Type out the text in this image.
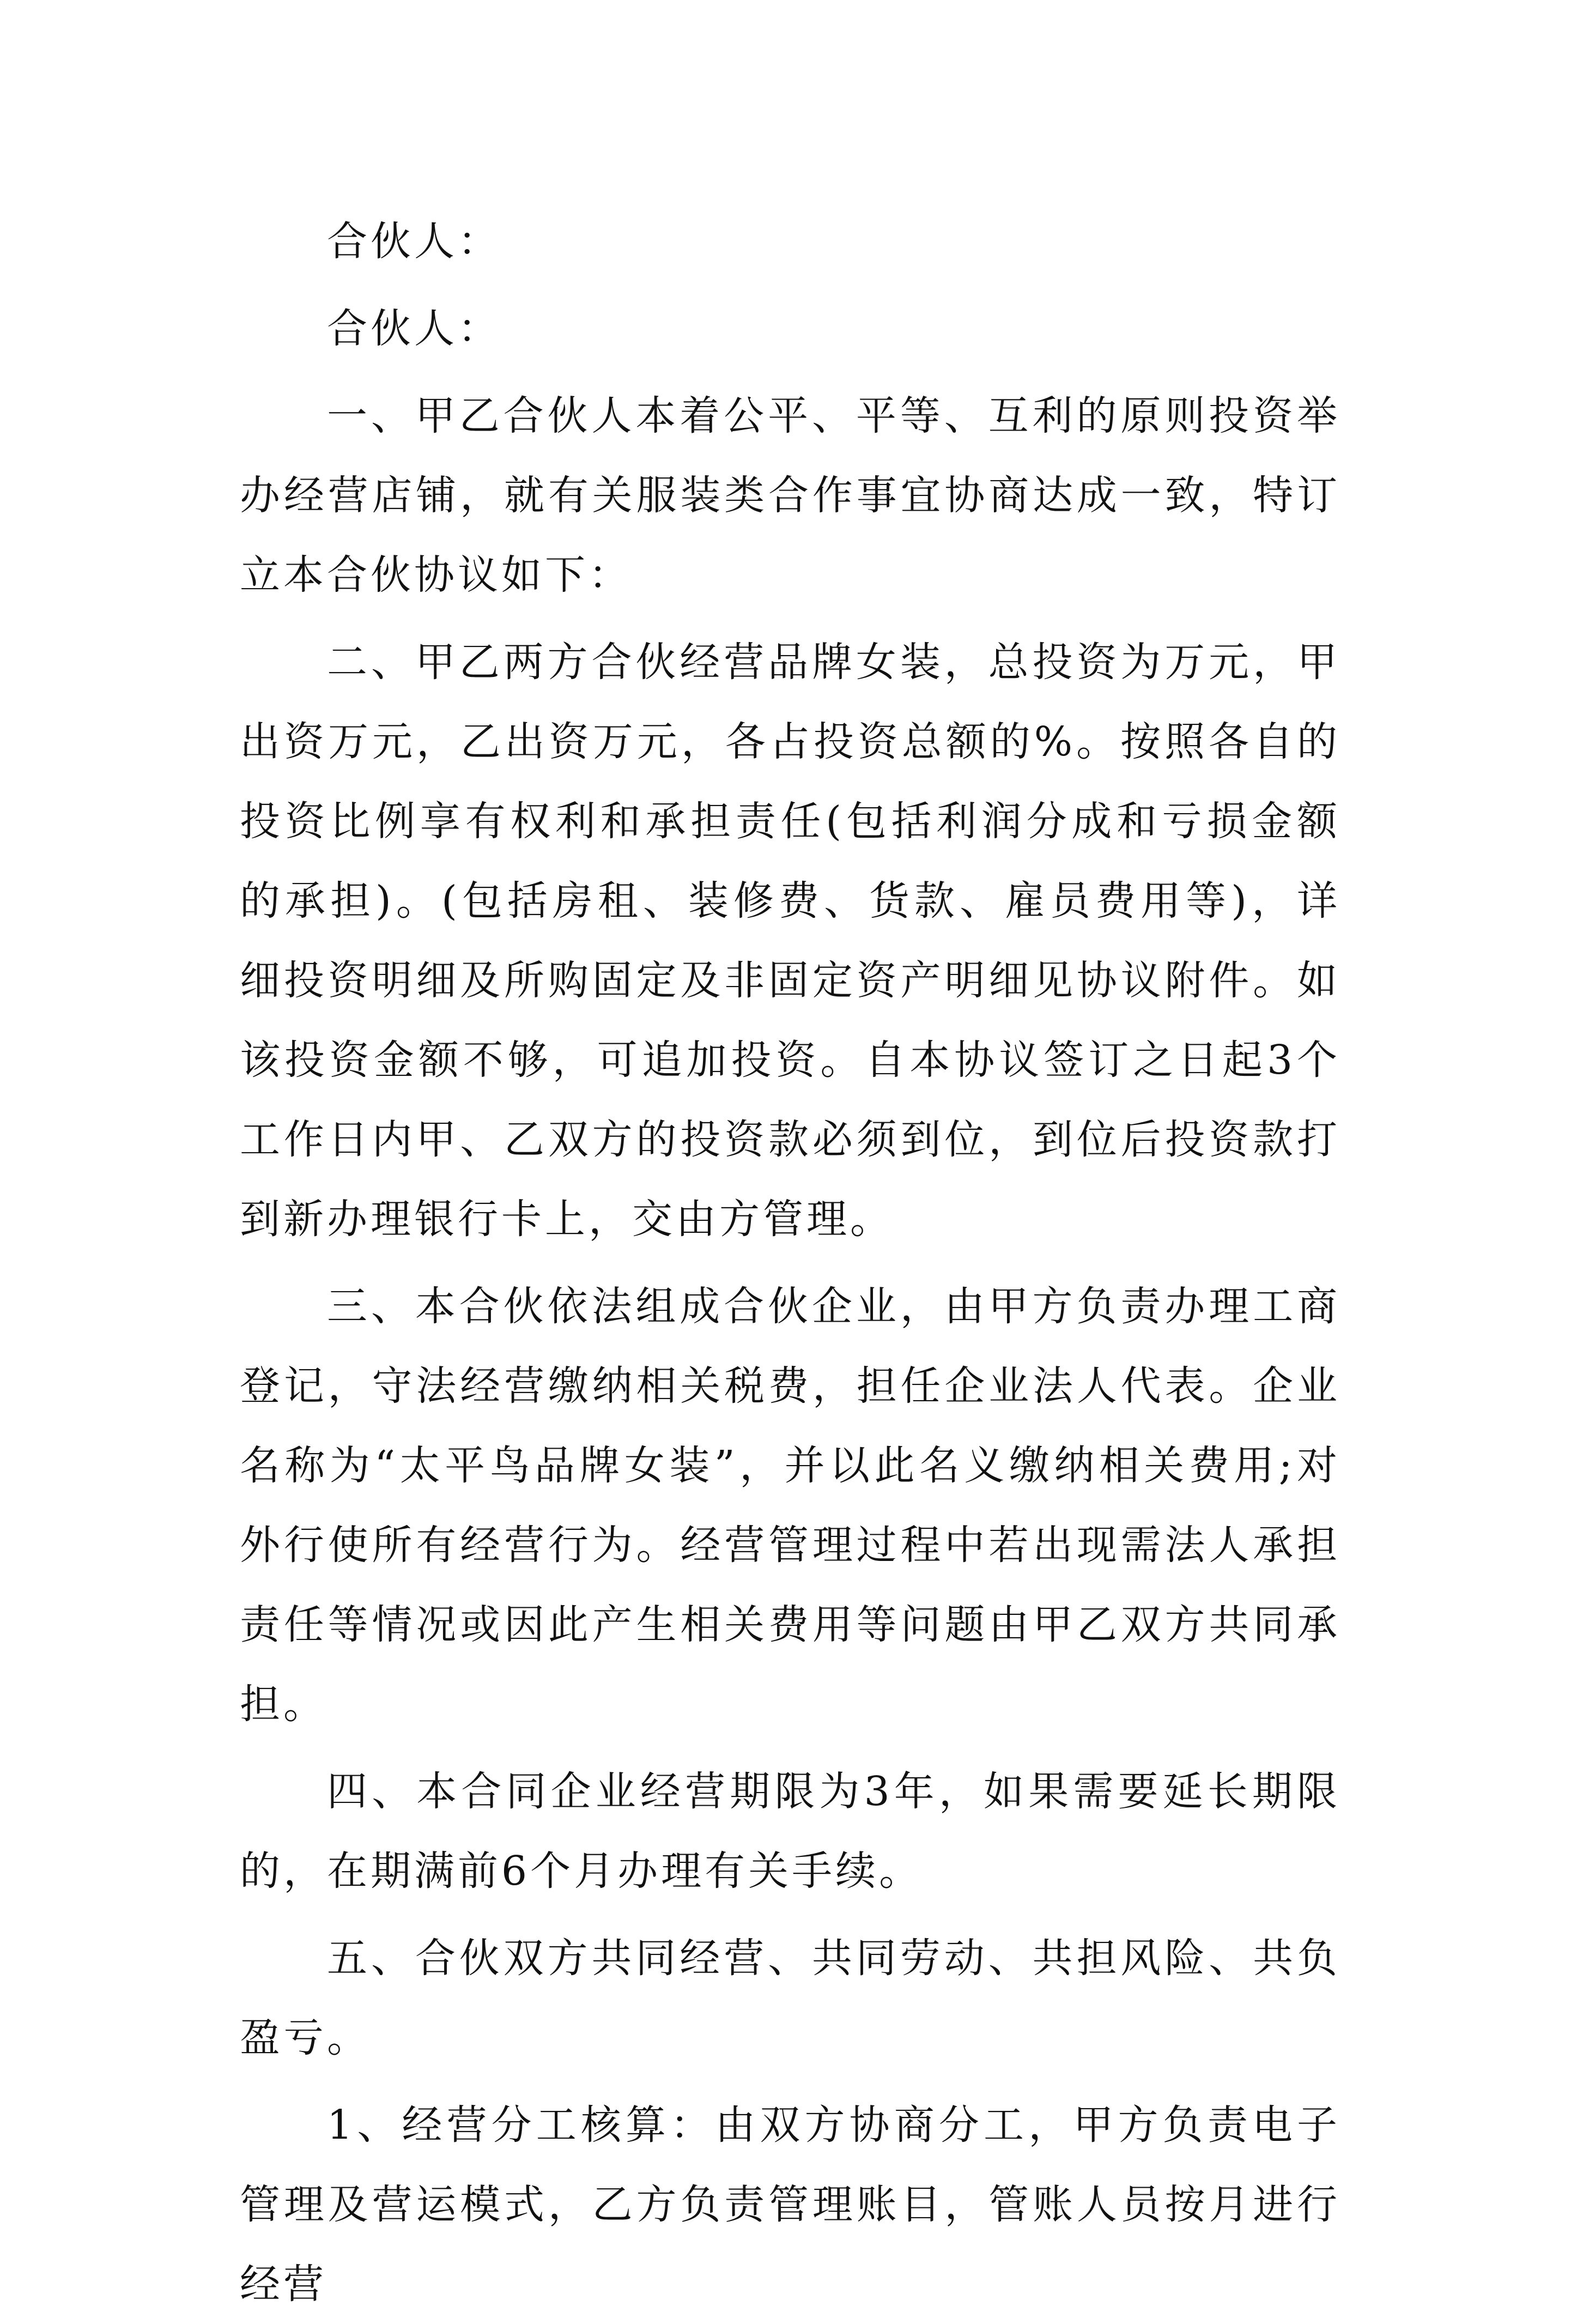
合伙人：

合伙人：

一、甲乙合伙人本着公平、平等、互利的原则投资举办经营店铺，就有关服装类合作事宜协商达成一致，特订立本合伙协议如下：

二、甲乙两方合伙经营品牌女装，总投资为万元，甲出资万元，乙出资万元，各占投资总额的%。按照各自的投资比例享有权利和承担责任(包括利润分成和亏损金额的承担)。(包括房租、装修费、货款、雇员费用等)，详细投资明细及所购固定及非固定资产明细见协议附件。如该投资金额不够，可追加投资。自本协议签订之日起3个工作日内甲、乙双方的投资款必须到位，到位后投资款打到新办理银行卡上，交由方管理。

三、本合伙依法组成合伙企业，由甲方负责办理工商登记，守法经营缴纳相关税费，担任企业法人代表。企业名称为“太平鸟品牌女装”，并以此名义缴纳相关费用;对外行使所有经营行为。经营管理过程中若出现需法人承担责任等情况或因此产生相关费用等问题由甲乙双方共同承担。

四、本合同企业经营期限为3年，如果需要延长期限的，在期满前6个月办理有关手续。

五、合伙双方共同经营、共同劳动、共担风险、共负盈亏。

1、经营分工核算：由双方协商分工，甲方负责电子管理及营运模式，乙方负责管理账目，管账人员按月进行经营
